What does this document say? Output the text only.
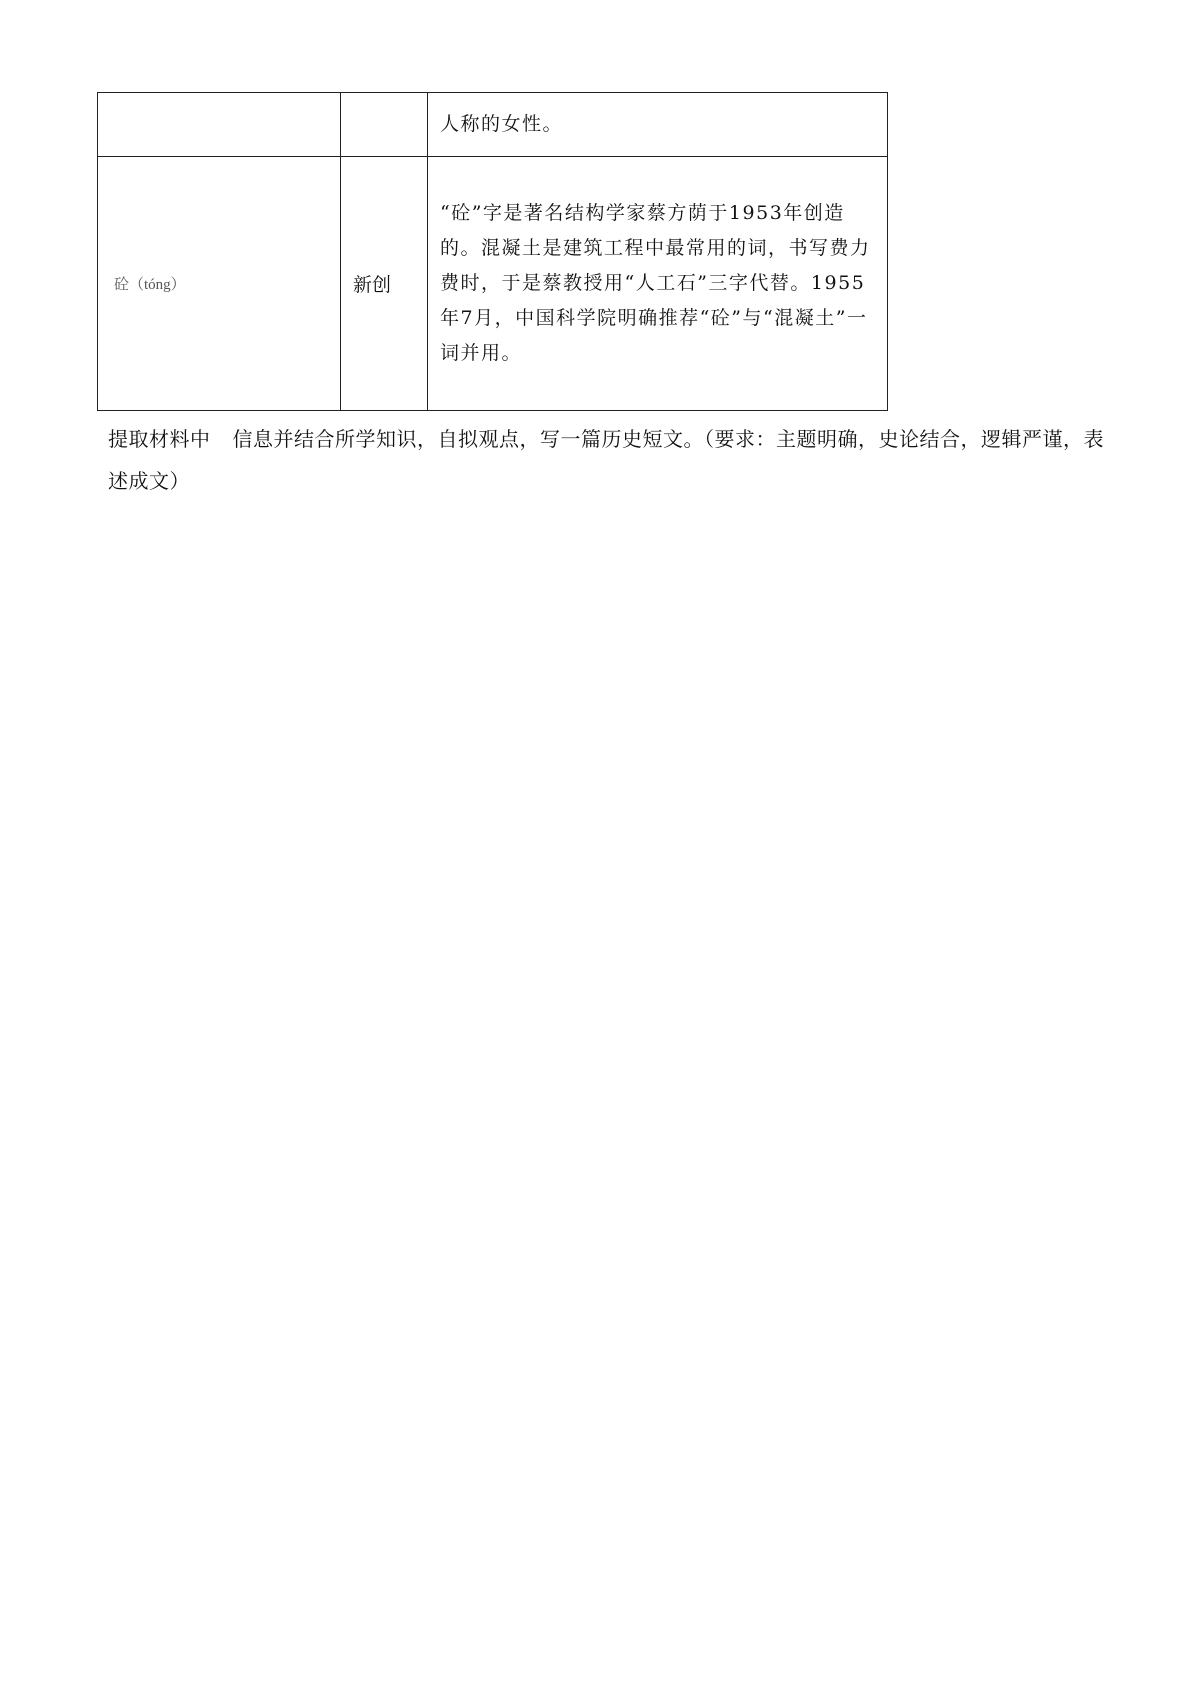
		人称的女性。

砼（tóng）	新创	“砼”字是著名结构学家蔡方荫于1953年创造的。混凝土是建筑工程中最常用的词，书写费力费时，于是蔡教授用“人工石”三字代替。1955年7月，中国科学院明确推荐“砼”与“混凝土”一词并用。
提取材料中 信息并结合所学知识，自拟观点，写一篇历史短文。（要求：主题明确，史论结合，逻辑严谨，表述成文）
